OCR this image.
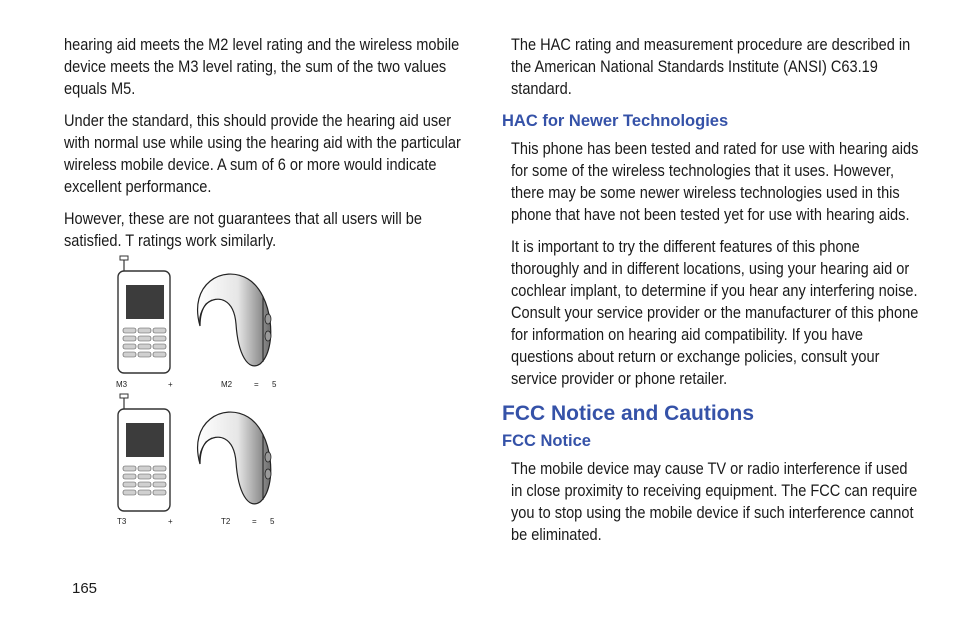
hearing aid meets the M2 level rating and the wireless mobile device meets the M3 level rating, the sum of the two values equals M5.

Under the standard, this should provide the hearing aid user with normal use while using the hearing aid with the particular wireless mobile device. A sum of 6 or more would indicate excellent performance.

However, these are not guarantees that all users will be satisfied. T ratings work similarly.

M3	+	M2	= 5
T3	+	T2	= 5

The HAC rating and measurement procedure are described in the American National Standards Institute (ANSI) C63.19 standard.

HAC for Newer Technologies

This phone has been tested and rated for use with hearing aids for some of the wireless technologies that it uses. However, there may be some newer wireless technologies used in this phone that have not been tested yet for use with hearing aids.

It is important to try the different features of this phone thoroughly and in different locations, using your hearing aid or cochlear implant, to determine if you hear any interfering noise. Consult your service provider or the manufacturer of this phone for information on hearing aid compatibility. If you have questions about return or exchange policies, consult your service provider or phone retailer.

FCC Notice and Cautions
FCC Notice

The mobile device may cause TV or radio interference if used in close proximity to receiving equipment. The FCC can require you to stop using the mobile device if such interference cannot be eliminated.

165
